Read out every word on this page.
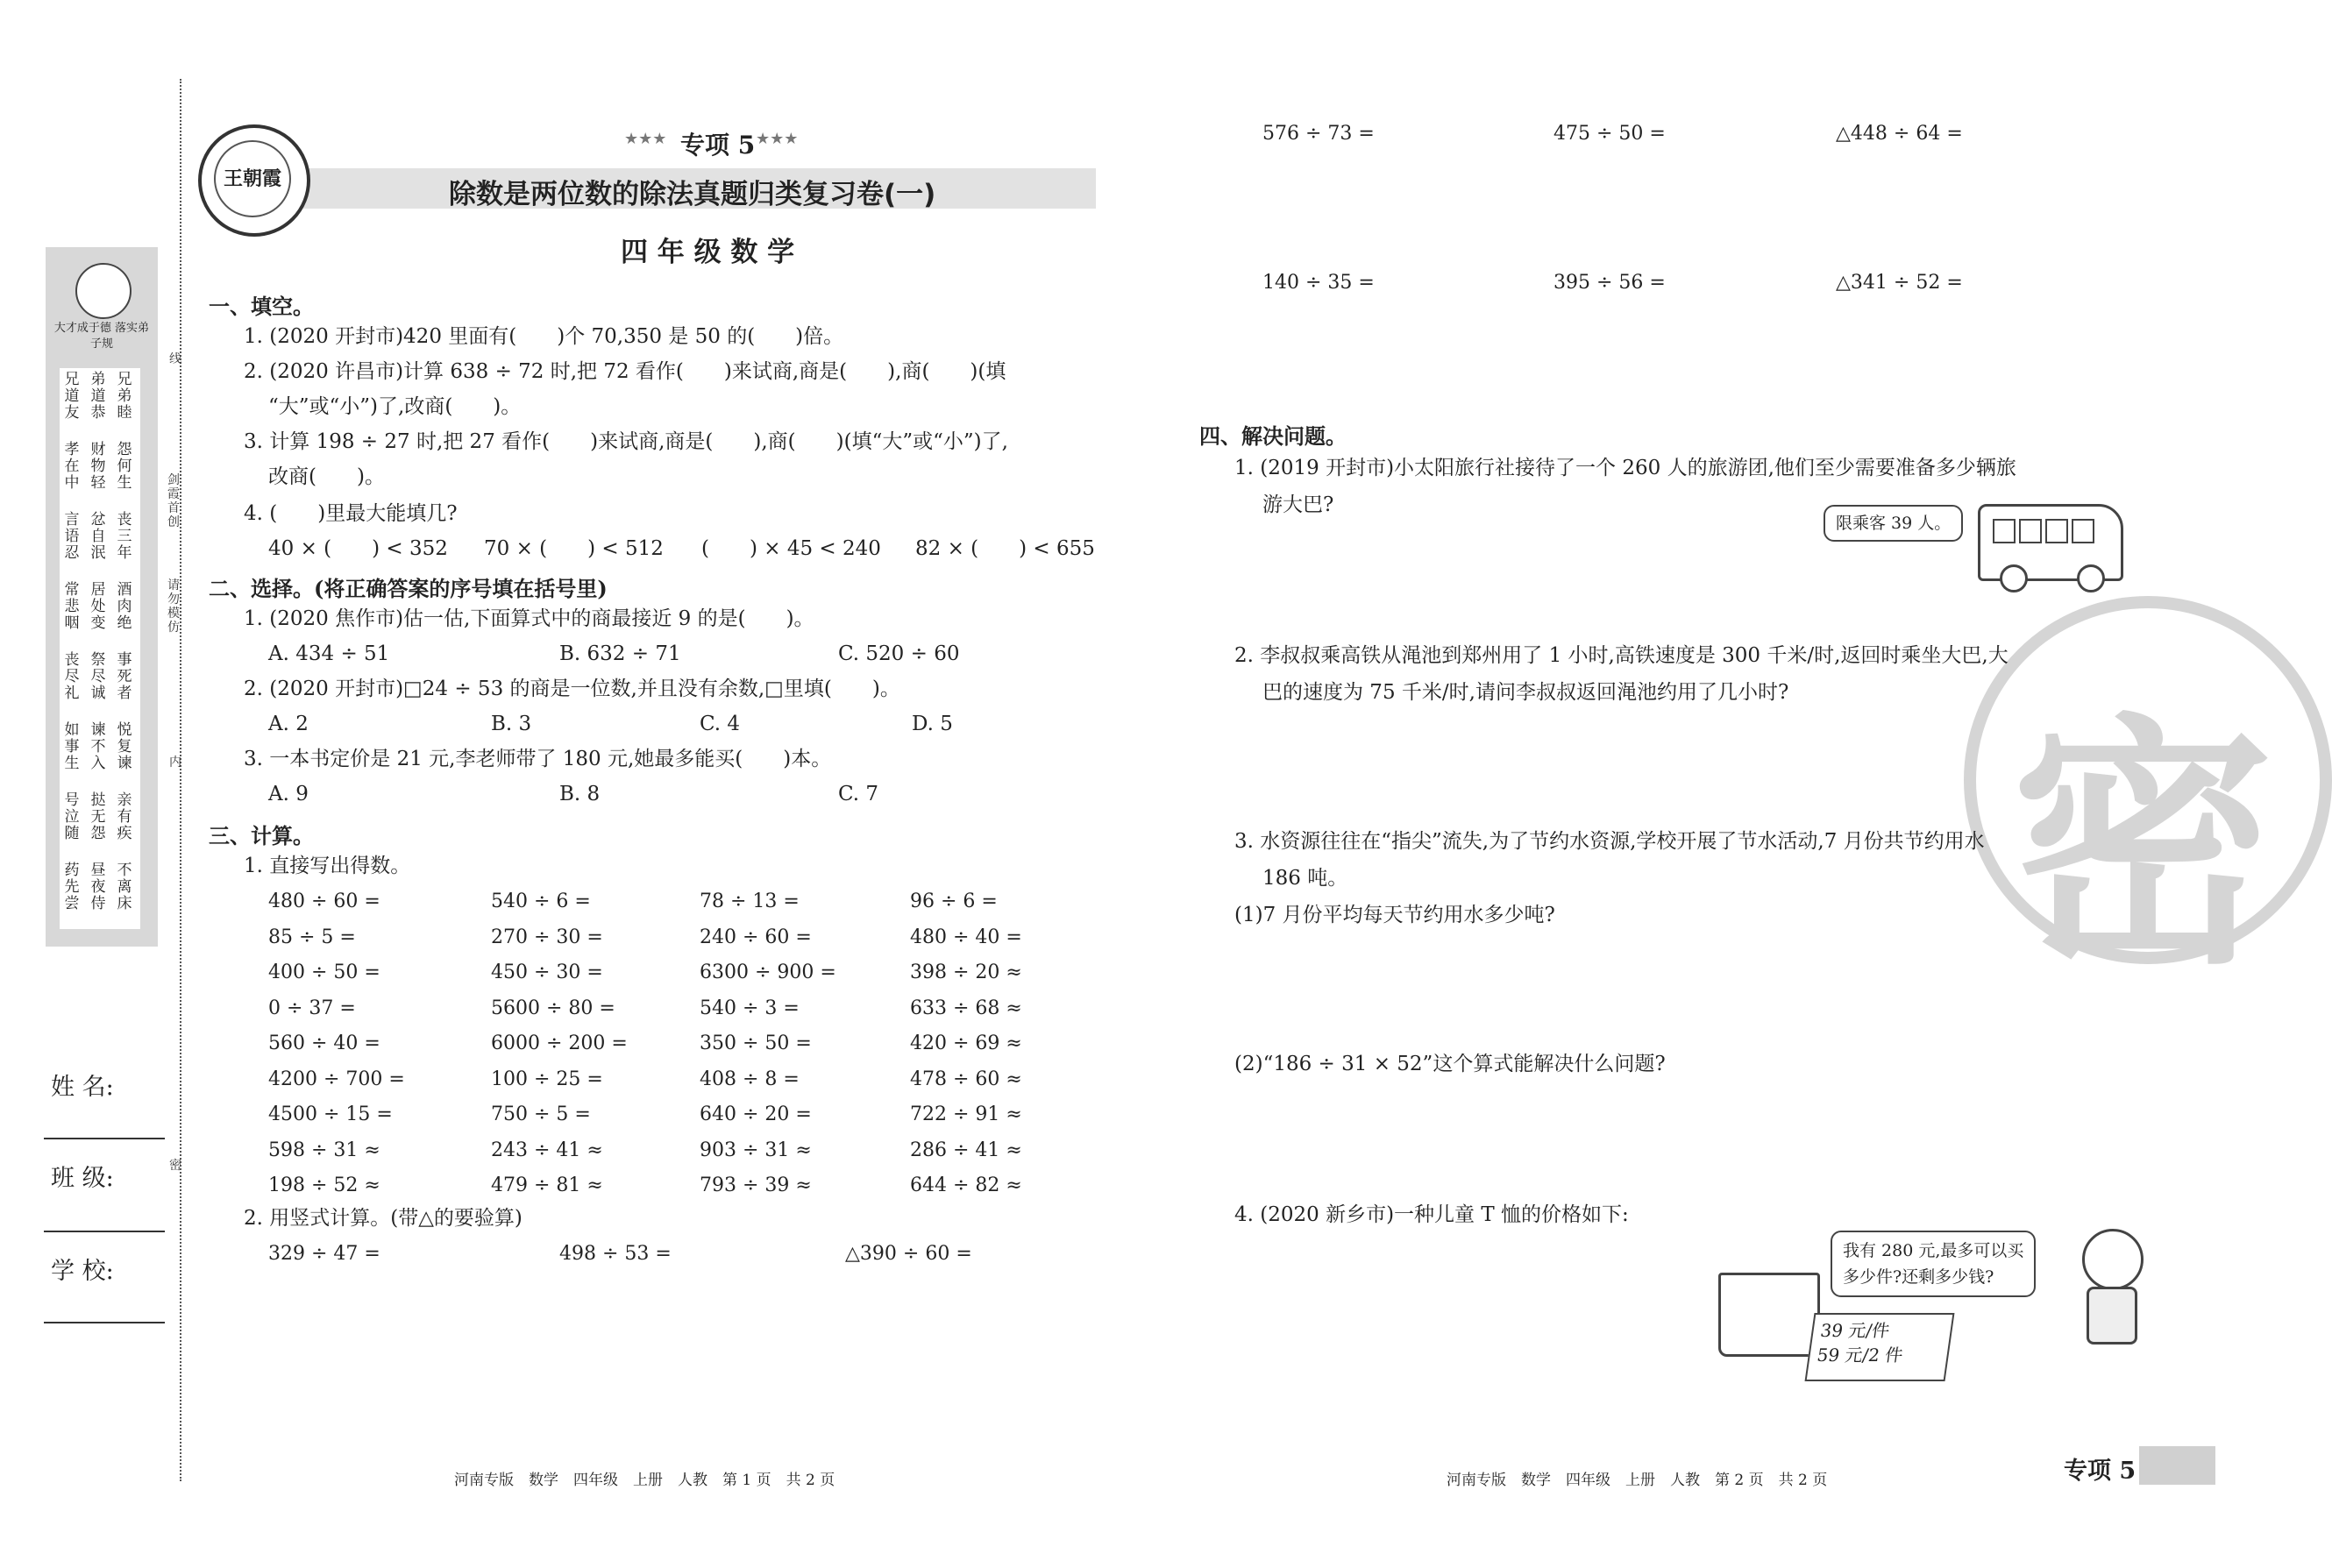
密
大才成于德 落实弟子规
兄道友
弟道恭
兄弟睦
孝在中
财物轻
怨何生
言语忍
忿自泯
丧三年
常悲咽
居处变
酒肉绝
丧尽礼
祭尽诚
事死者
如事生
谏不入
悦复谏
号泣随
挞无怨
亲有疾
药先尝
昼夜侍
不离床
线
剑霞首创
请勿模仿
内
密
姓 名:
班 级:
学 校:
王朝霞
★★★ 专项 5 ★★★
除数是两位数的除法真题归类复习卷(一)
四 年 级 数 学
一、填空。
1. (2020 开封市)420 里面有(　　)个 70,350 是 50 的(　　)倍。
2. (2020 许昌市)计算 638 ÷ 72 时,把 72 看作(　　)来试商,商是(　　),商(　　)(填
“大”或“小”)了,改商(　　)。
3. 计算 198 ÷ 27 时,把 27 看作(　　)来试商,商是(　　),商(　　)(填“大”或“小”)了,
改商(　　)。
4. (　　)里最大能填几?
40 × (　　) < 352 70 × (　　) < 512 (　　) × 45 < 240 82 × (　　) < 655
二、选择。(将正确答案的序号填在括号里)
1. (2020 焦作市)估一估,下面算式中的商最接近 9 的是(　　)。
A. 434 ÷ 51	B. 632 ÷ 71	C. 520 ÷ 60
2. (2020 开封市)□24 ÷ 53 的商是一位数,并且没有余数,□里填(　　)。
A. 2	B. 3	C. 4	D. 5
3. 一本书定价是 21 元,李老师带了 180 元,她最多能买(　　)本。
A. 9	B. 8	C. 7
三、计算。
1. 直接写出得数。
480 ÷ 60 =	540 ÷ 6 =	78 ÷ 13 =	96 ÷ 6 =
85 ÷ 5 =	270 ÷ 30 =	240 ÷ 60 =	480 ÷ 40 =
400 ÷ 50 =	450 ÷ 30 =	6300 ÷ 900 =	398 ÷ 20 ≈
0 ÷ 37 =	5600 ÷ 80 =	540 ÷ 3 =	633 ÷ 68 ≈
560 ÷ 40 =	6000 ÷ 200 =	350 ÷ 50 =	420 ÷ 69 ≈
4200 ÷ 700 =	100 ÷ 25 =	408 ÷ 8 =	478 ÷ 60 ≈
4500 ÷ 15 =	750 ÷ 5 =	640 ÷ 20 =	722 ÷ 91 ≈
598 ÷ 31 ≈	243 ÷ 41 ≈	903 ÷ 31 ≈	286 ÷ 41 ≈
198 ÷ 52 ≈	479 ÷ 81 ≈	793 ÷ 39 ≈	644 ÷ 82 ≈
2. 用竖式计算。(带△的要验算)
329 ÷ 47 =	498 ÷ 53 =	△390 ÷ 60 =
576 ÷ 73 =	475 ÷ 50 =	△448 ÷ 64 =
140 ÷ 35 =	395 ÷ 56 =	△341 ÷ 52 =
四、解决问题。
1. (2019 开封市)小太阳旅行社接待了一个 260 人的旅游团,他们至少需要准备多少辆旅
游大巴?
限乘客 39 人。
2. 李叔叔乘高铁从渑池到郑州用了 1 小时,高铁速度是 300 千米/时,返回时乘坐大巴,大
巴的速度为 75 千米/时,请问李叔叔返回渑池约用了几小时?
3. 水资源往往在“指尖”流失,为了节约水资源,学校开展了节水活动,7 月份共节约用水
186 吨。
(1)7 月份平均每天节约用水多少吨?
(2)“186 ÷ 31 × 52”这个算式能解决什么问题?
4. (2020 新乡市)一种儿童 T 恤的价格如下:
我有 280 元,最多可以买
多少件?还剩多少钱?
39 元/件
59 元/2 件
河南专版　数学　四年级　上册　人教　第 1 页　共 2 页	河南专版　数学　四年级　上册　人教　第 2 页　共 2 页	专项 5
